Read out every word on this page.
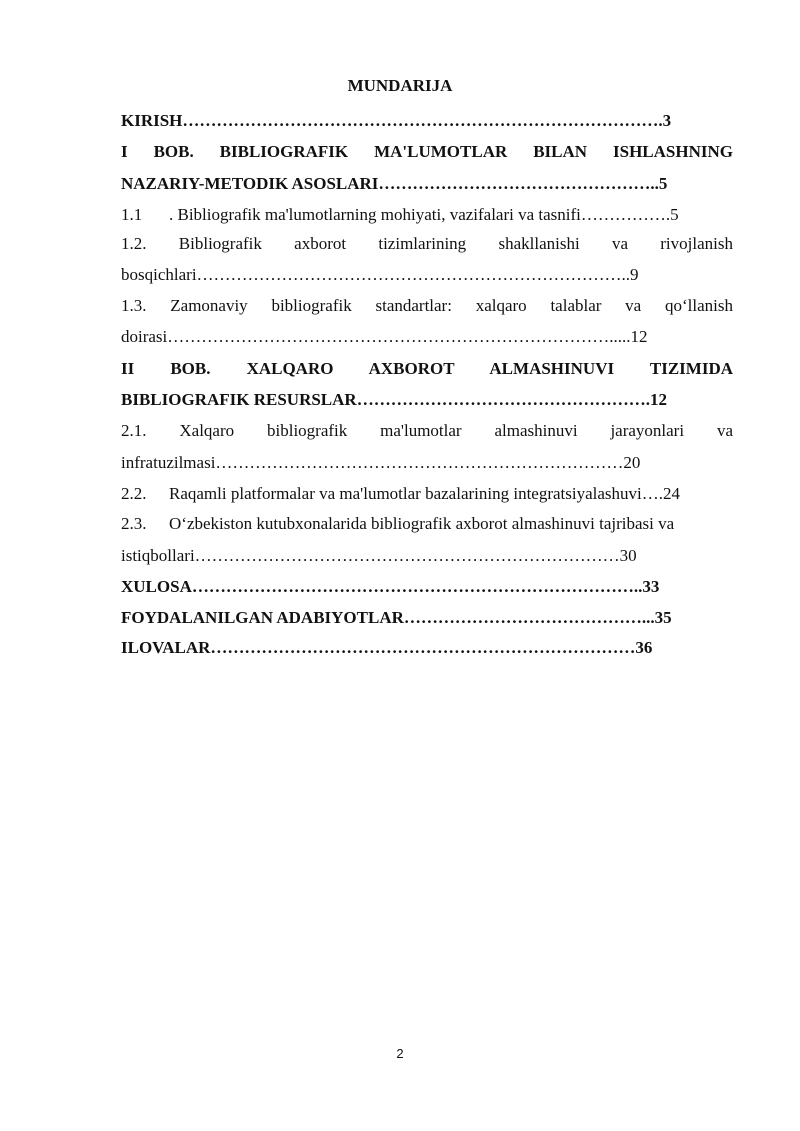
MUNDARIJA
KIRISH………………………………………………………………………….3
I BOB. BIBLIOGRAFIK MA'LUMOTLAR BILAN ISHLASHNING
NAZARIY-METODIK ASOSLARI…………………………………………..5
1.1 . Bibliografik ma'lumotlarning mohiyati, vazifalari va tasnifi…………….5
1.2. Bibliografik axborot tizimlarining shakllanishi va rivojlanish
bosqichlari…………………………………………………………………..9
1.3. Zamonaviy bibliografik standartlar: xalqaro talablar va qo‘llanish
doirasi…………………………………………………………………….....12
II BOB. XALQARO AXBOROT ALMASHINUVI TIZIMIDA
BIBLIOGRAFIK RESURSLAR…………………………………………….12
2.1. Xalqaro bibliografik ma'lumotlar almashinuvi jarayonlari va
infratuzilmasi………………………………………………………………20
2.2. Raqamli platformalar va ma'lumotlar bazalarining integratsiyalashuvi….24
2.3. O‘zbekiston kutubxonalarida bibliografik axborot almashinuvi tajribasi va
istiqbollari…………………………………………………………………30
XULOSA……………………………………………………………………..33
FOYDALANILGAN ADABIYOTLAR……………………………………...35
ILOVALAR…………………………………………………………………36
2
